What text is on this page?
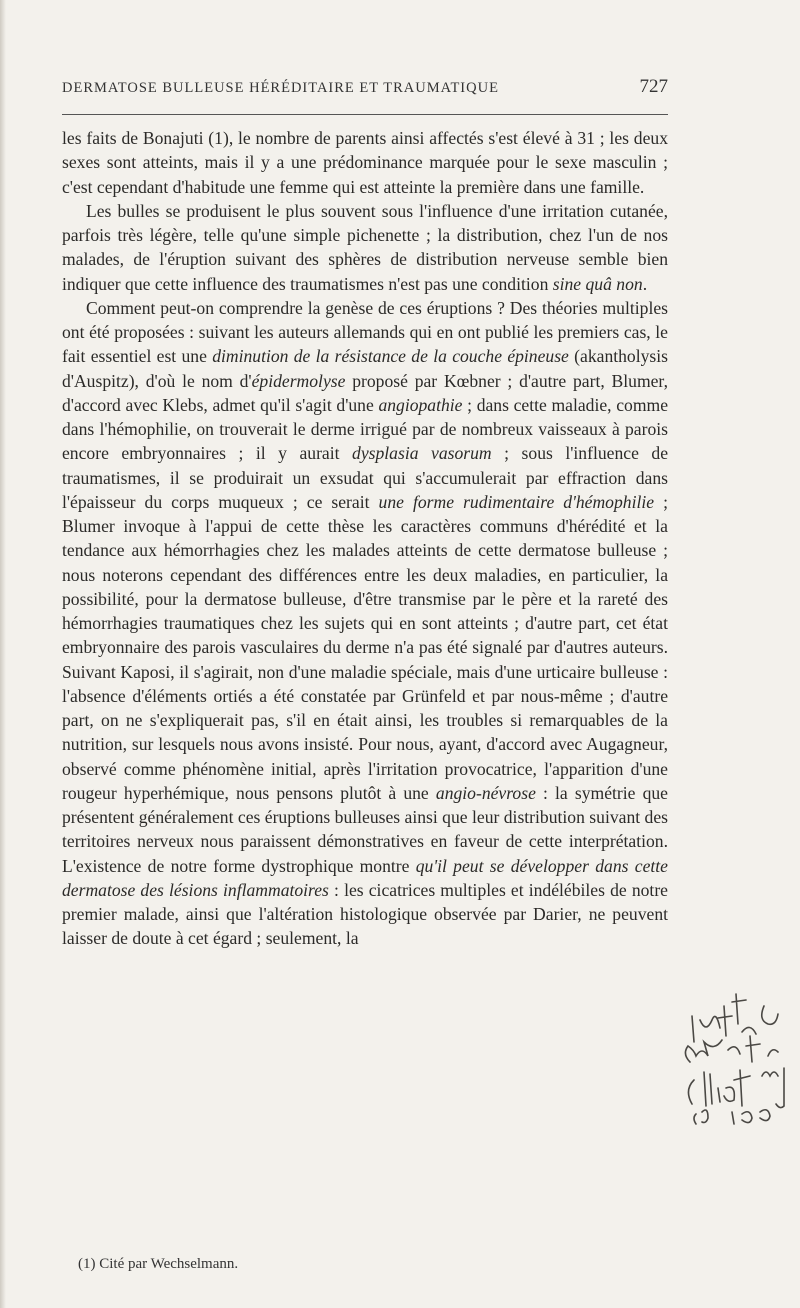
DERMATOSE BULLEUSE HÉRÉDITAIRE ET TRAUMATIQUE	727

les faits de Bonajuti (1), le nombre de parents ainsi affectés s'est élevé à 31 ; les deux sexes sont atteints, mais il y a une prédominance marquée pour le sexe masculin ; c'est cependant d'habitude une femme qui est atteinte la première dans une famille.

Les bulles se produisent le plus souvent sous l'influence d'une irritation cutanée, parfois très légère, telle qu'une simple pichenette ; la distribution, chez l'un de nos malades, de l'éruption suivant des sphères de distribution nerveuse semble bien indiquer que cette influence des traumatismes n'est pas une condition sine quâ non.

Comment peut-on comprendre la genèse de ces éruptions ? Des théories multiples ont été proposées : suivant les auteurs allemands qui en ont publié les premiers cas, le fait essentiel est une diminution de la résistance de la couche épineuse (akantholysis d'Auspitz), d'où le nom d'épidermolyse proposé par Kœbner ; d'autre part, Blumer, d'accord avec Klebs, admet qu'il s'agit d'une angiopathie ; dans cette maladie, comme dans l'hémophilie, on trouverait le derme irrigué par de nombreux vaisseaux à parois encore embryonnaires ; il y aurait dysplasia vasorum ; sous l'influence de traumatismes, il se produirait un exsudat qui s'accumulerait par effraction dans l'épaisseur du corps muqueux ; ce serait une forme rudimentaire d'hémophilie ; Blumer invoque à l'appui de cette thèse les caractères communs d'hérédité et la tendance aux hémorrhagies chez les malades atteints de cette dermatose bulleuse ; nous noterons cependant des différences entre les deux maladies, en particulier, la possibilité, pour la dermatose bulleuse, d'être transmise par le père et la rareté des hémorrhagies traumatiques chez les sujets qui en sont atteints ; d'autre part, cet état embryonnaire des parois vasculaires du derme n'a pas été signalé par d'autres auteurs. Suivant Kaposi, il s'agirait, non d'une maladie spéciale, mais d'une urticaire bulleuse : l'absence d'éléments ortiés a été constatée par Grünfeld et par nous-même ; d'autre part, on ne s'expliquerait pas, s'il en était ainsi, les troubles si remarquables de la nutrition, sur lesquels nous avons insisté. Pour nous, ayant, d'accord avec Augagneur, observé comme phénomène initial, après l'irritation provocatrice, l'apparition d'une rougeur hyperhémique, nous pensons plutôt à une angio-névrose : la symétrie que présentent généralement ces éruptions bulleuses ainsi que leur distribution suivant des territoires nerveux nous paraissent démonstratives en faveur de cette interprétation. L'existence de notre forme dystrophique montre qu'il peut se développer dans cette dermatose des lésions inflammatoires : les cicatrices multiples et indélébiles de notre premier malade, ainsi que l'altération histologique observée par Darier, ne peuvent laisser de doute à cet égard ; seulement, la

(1) Cité par Wechselmann.
